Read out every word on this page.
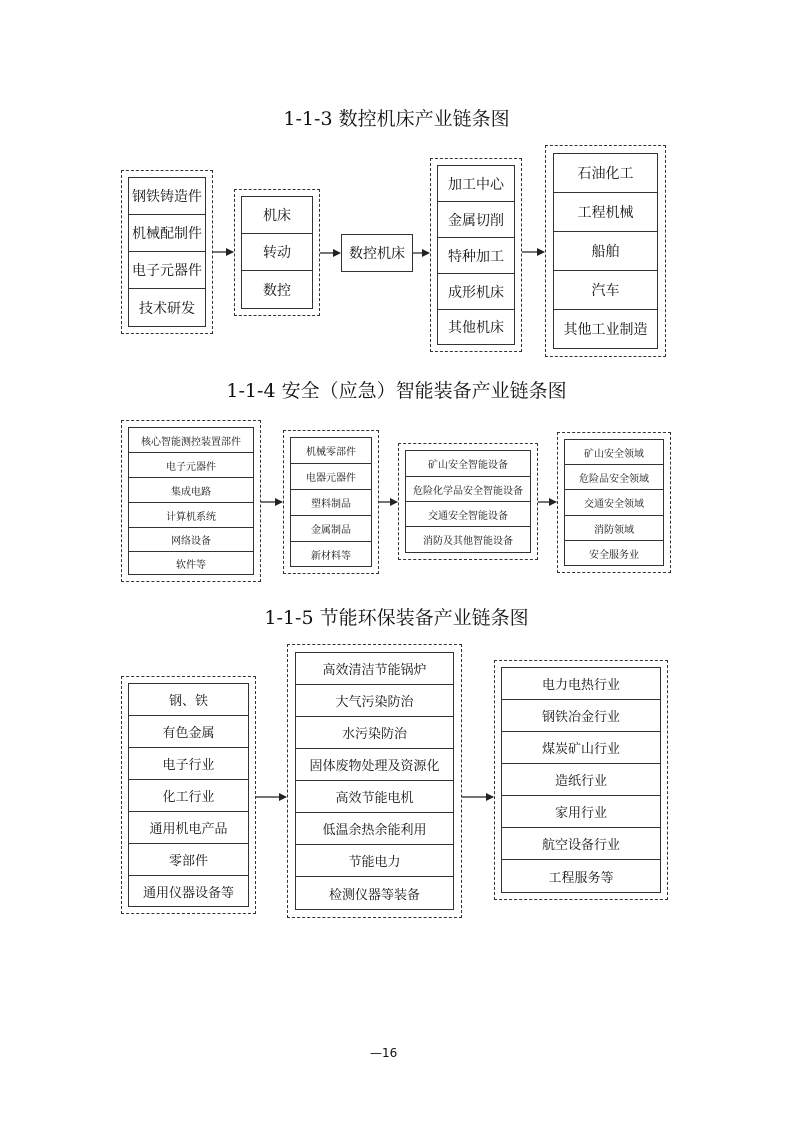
1-1-3 数控机床产业链条图
1-1-4 安全（应急）智能装备产业链条图
1-1-5 节能环保装备产业链条图
钢铁铸造件
机械配制件
电子元器件
技术研发
机床
转动
数控
数控机床
加工中心
金属切削
特种加工
成形机床
其他机床
石油化工
工程机械
船舶
汽车
其他工业制造
核心智能测控装置部件
电子元器件
集成电路
计算机系统
网络设备
软件等
机械零部件
电器元器件
塑料制品
金属制品
新材料等
矿山安全智能设备
危险化学品安全智能设备
交通安全智能设备
消防及其他智能设备
矿山安全领域
危险品安全领域
交通安全领域
消防领域
安全服务业
钢、铁
有色金属
电子行业
化工行业
通用机电产品
零部件
通用仪器设备等
高效清洁节能锅炉
大气污染防治
水污染防治
固体废物处理及资源化
高效节能电机
低温余热余能利用
节能电力
检测仪器等装备
电力电热行业
钢铁冶金行业
煤炭矿山行业
造纸行业
家用行业
航空设备行业
工程服务等
—16
